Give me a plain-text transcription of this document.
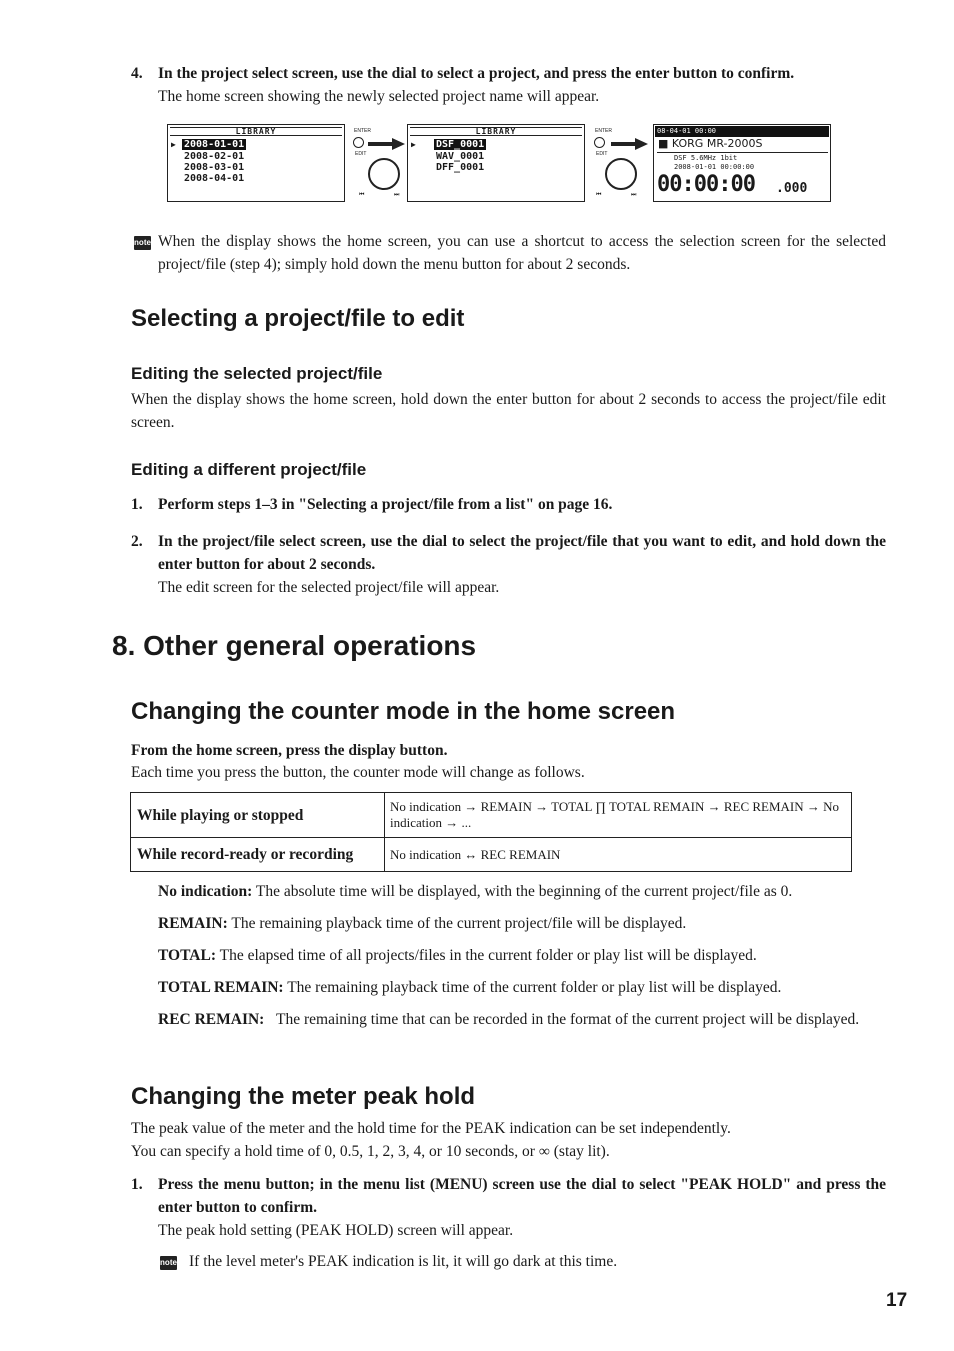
4. In the project select screen, use the dial to select a project, and press the enter button to confirm.
The home screen showing the newly selected project name will appear.
LIBRARY
2008-01-01
2008-02-01
2008-03-01
2008-04-01
▶
ENTER
EDIT
⏮	⏭
LIBRARY
DSF_0001
WAV_0001
DFF_0001
▶
ENTER
EDIT
⏮	⏭
08-04-01 00:00
■ KORG MR-2000S
DSF 5.6MHz 1bit
2008-01-01 00:00:00
00:00:00 .000
note When the display shows the home screen, you can use a shortcut to access the selection screen for the selected project/file (step 4); simply hold down the menu button for about 2 seconds.
Selecting a project/file to edit
Editing the selected project/file
When the display shows the home screen, hold down the enter button for about 2 seconds to access the project/file edit screen.
Editing a different project/file
1. Perform steps 1–3 in "Selecting a project/file from a list" on page 16.
2. In the project/file select screen, use the dial to select the project/file that you want to edit, and hold down the enter button for about 2 seconds.
The edit screen for the selected project/file will appear.
8. Other general operations
Changing the counter mode in the home screen
From the home screen, press the display button.
Each time you press the button, the counter mode will change as follows.
While playing or stopped	No indication → REMAIN → TOTAL ∏ TOTAL REMAIN → REC REMAIN → No indication → ...
While record-ready or recording	No indication ↔ REC REMAIN
No indication: The absolute time will be displayed, with the beginning of the current project/file as 0.
REMAIN: The remaining playback time of the current project/file will be displayed.
TOTAL: The elapsed time of all projects/files in the current folder or play list will be displayed.
TOTAL REMAIN: The remaining playback time of the current folder or play list will be displayed.
REC REMAIN: The remaining time that can be recorded in the format of the current project will be displayed.
Changing the meter peak hold
The peak value of the meter and the hold time for the PEAK indication can be set independently.
You can specify a hold time of 0, 0.5, 1, 2, 3, 4, or 10 seconds, or ∞ (stay lit).
1. Press the menu button; in the menu list (MENU) screen use the dial to select "PEAK HOLD" and press the enter button to confirm.
The peak hold setting (PEAK HOLD) screen will appear.
note If the level meter's PEAK indication is lit, it will go dark at this time.
17
